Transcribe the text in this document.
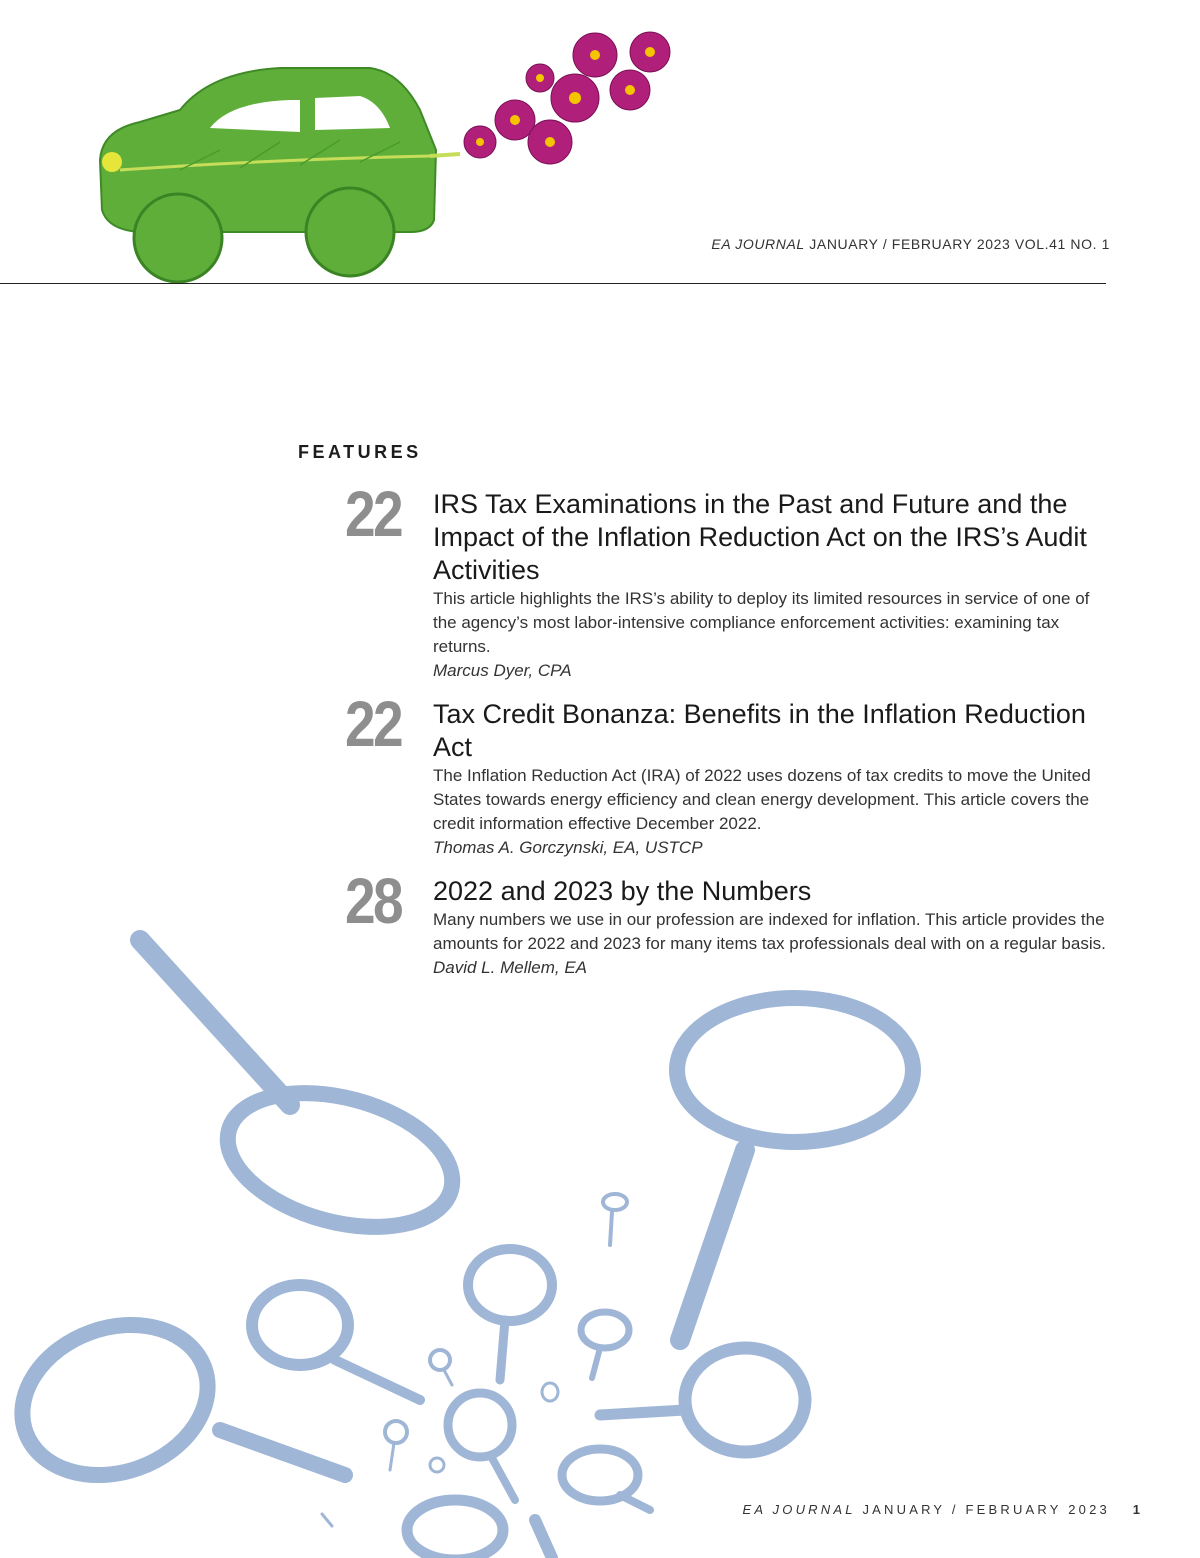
EA JOURNAL JANUARY / FEBRUARY 2023 VOL.41 NO. 1
FEATURES
22	IRS Tax Examinations in the Past and Future and the Impact of the Inflation Reduction Act on the IRS’s Audit Activities

This article highlights the IRS’s ability to deploy its limited resources in service of one of the agency’s most labor-intensive compliance enforcement activities: examining tax returns.

Marcus Dyer, CPA

22	Tax Credit Bonanza: Benefits in the Inflation Reduction Act

The Inflation Reduction Act (IRA) of 2022 uses dozens of tax credits to move the United States towards energy efficiency and clean energy development. This article covers the credit information effective December 2022.

Thomas A. Gorczynski, EA, USTCP

28	2022 and 2023 by the Numbers

Many numbers we use in our profession are indexed for inflation. This article provides the amounts for 2022 and 2023 for many items tax professionals deal with on a regular basis.

David L. Mellem, EA

EA JOURNAL JANUARY / FEBRUARY 2023 1
